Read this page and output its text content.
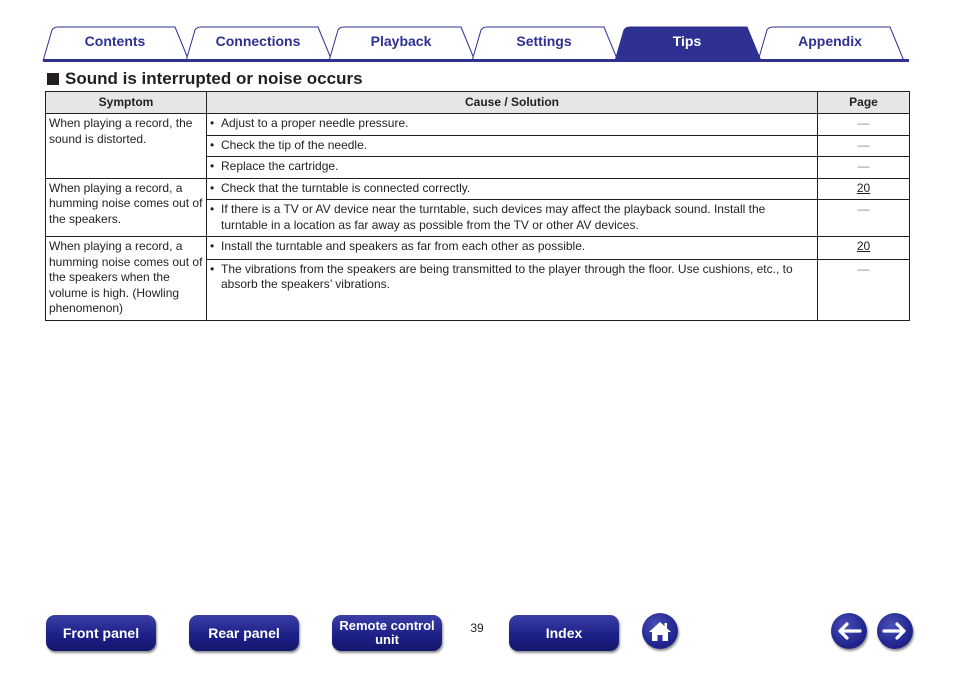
Contents	Connections	Playback	Settings	Tips	Appendix
Sound is interrupted or noise occurs
Symptom	Cause / Solution	Page
When playing a record, the sound is distorted.	• Adjust to a proper needle pressure.	—

	• Check the tip of the needle.	—

	• Replace the cartridge.	—
When playing a record, a humming noise comes out of the speakers.	• Check that the turntable is connected correctly.	20

	• If there is a TV or AV device near the turntable, such devices may affect the playback sound. Install the turntable in a location as far away as possible from the TV or other AV devices.	—
When playing a record, a humming noise comes out of the speakers when the volume is high. (Howling phenomenon)	• Install the turntable and speakers as far from each other as possible.	20

	• The vibrations from the speakers are being transmitted to the player through the floor. Use cushions, etc., to absorb the speakers’ vibrations.	—
Front panel	Rear panel	Remote control
unit
39	Index
